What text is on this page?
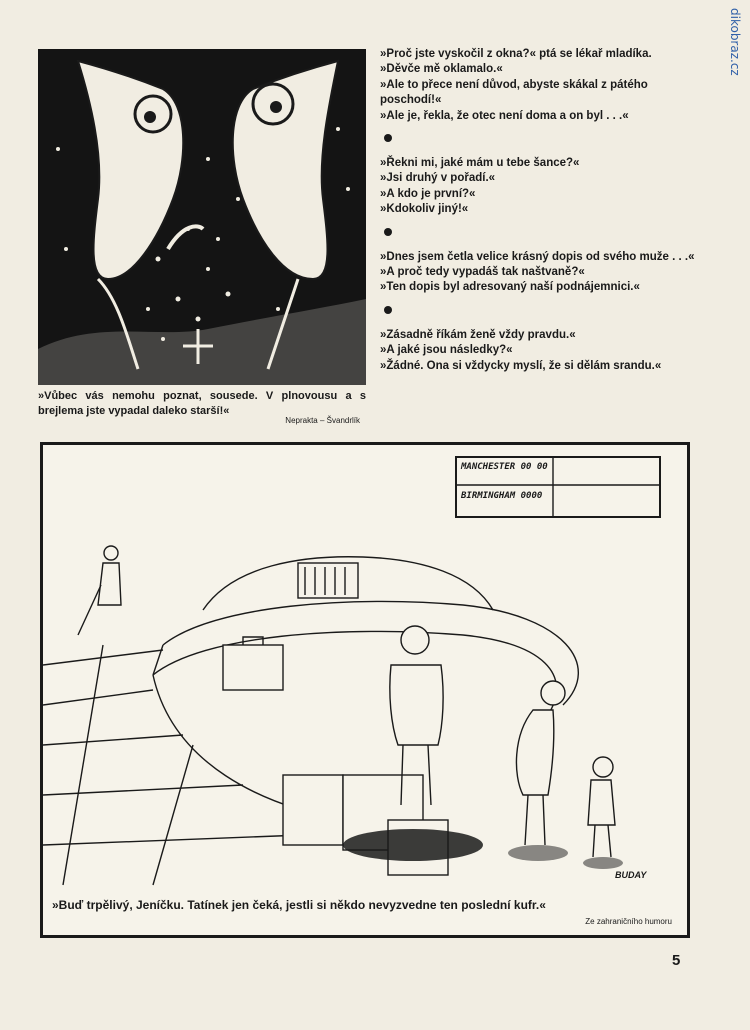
dikobraz.cz
»Vůbec vás nemohu poznat, sousede. V plnovousu a s brejlema jste vypadal daleko starší!«
Nepraktа – Švandrlík

»Proč jste vyskočil z okna?« ptá se lékař mladíka.

»Děvče mě oklamalo.«

»Ale to přece není důvod, abyste skákal z pátého poschodí!«

»Ale je, řekla, že otec není doma a on byl . . .«

»Řekni mi, jaké mám u tebe šance?«

»Jsi druhý v pořadí.«

»A kdo je první?«

»Kdokoliv jiný!«

»Dnes jsem četla velice krásný dopis od svého muže . . .«

»A proč tedy vypadáš tak naštvaně?«

»Ten dopis byl adresovaný naší podnájemnici.«

»Zásadně říkám ženě vždy pravdu.«

»A jaké jsou následky?«

»Žádné. Ona si vždycky myslí, že si dělám srandu.«

MANCHESTER 00 00
BIRMINGHAM 0000
BUDAY
»Buď trpělivý, Jeníčku. Tatínek jen čeká, jestli si někdo nevyzvedne ten poslední kufr.«
Ze zahraničního humoru
5
